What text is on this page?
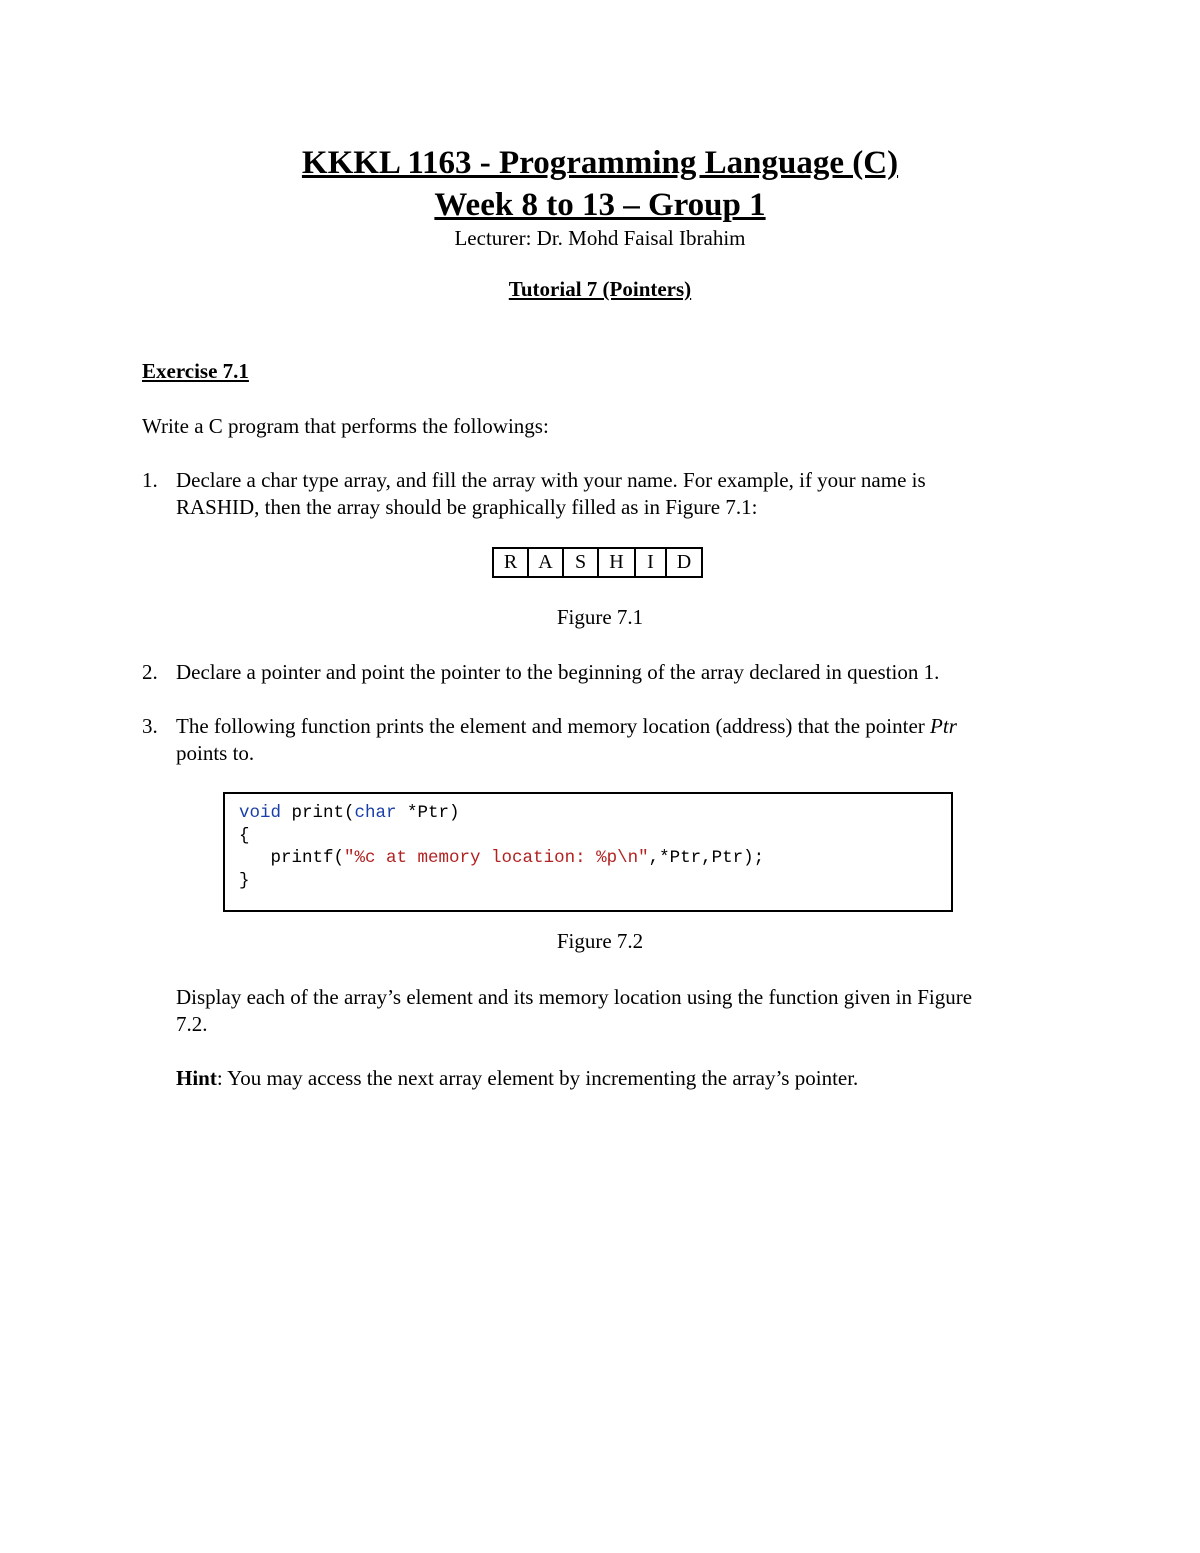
KKKL 1163 - Programming Language (C)
Week 8 to 13 – Group 1
Lecturer: Dr. Mohd Faisal Ibrahim
Tutorial 7 (Pointers)
Exercise 7.1
Write a C program that performs the followings:
1. Declare a char type array, and fill the array with your name. For example, if your name is
RASHID, then the array should be graphically filled as in Figure 7.1:
R	A	S	H	I	D
Figure 7.1
2. Declare a pointer and point the pointer to the beginning of the array declared in question 1.
3. The following function prints the element and memory location (address) that the pointer Ptr
points to.
void print(char *Ptr)
{
printf("%c at memory location: %p\n",*Ptr,Ptr);
}
Figure 7.2
Display each of the array’s element and its memory location using the function given in Figure
7.2.
Hint: You may access the next array element by incrementing the array’s pointer.
